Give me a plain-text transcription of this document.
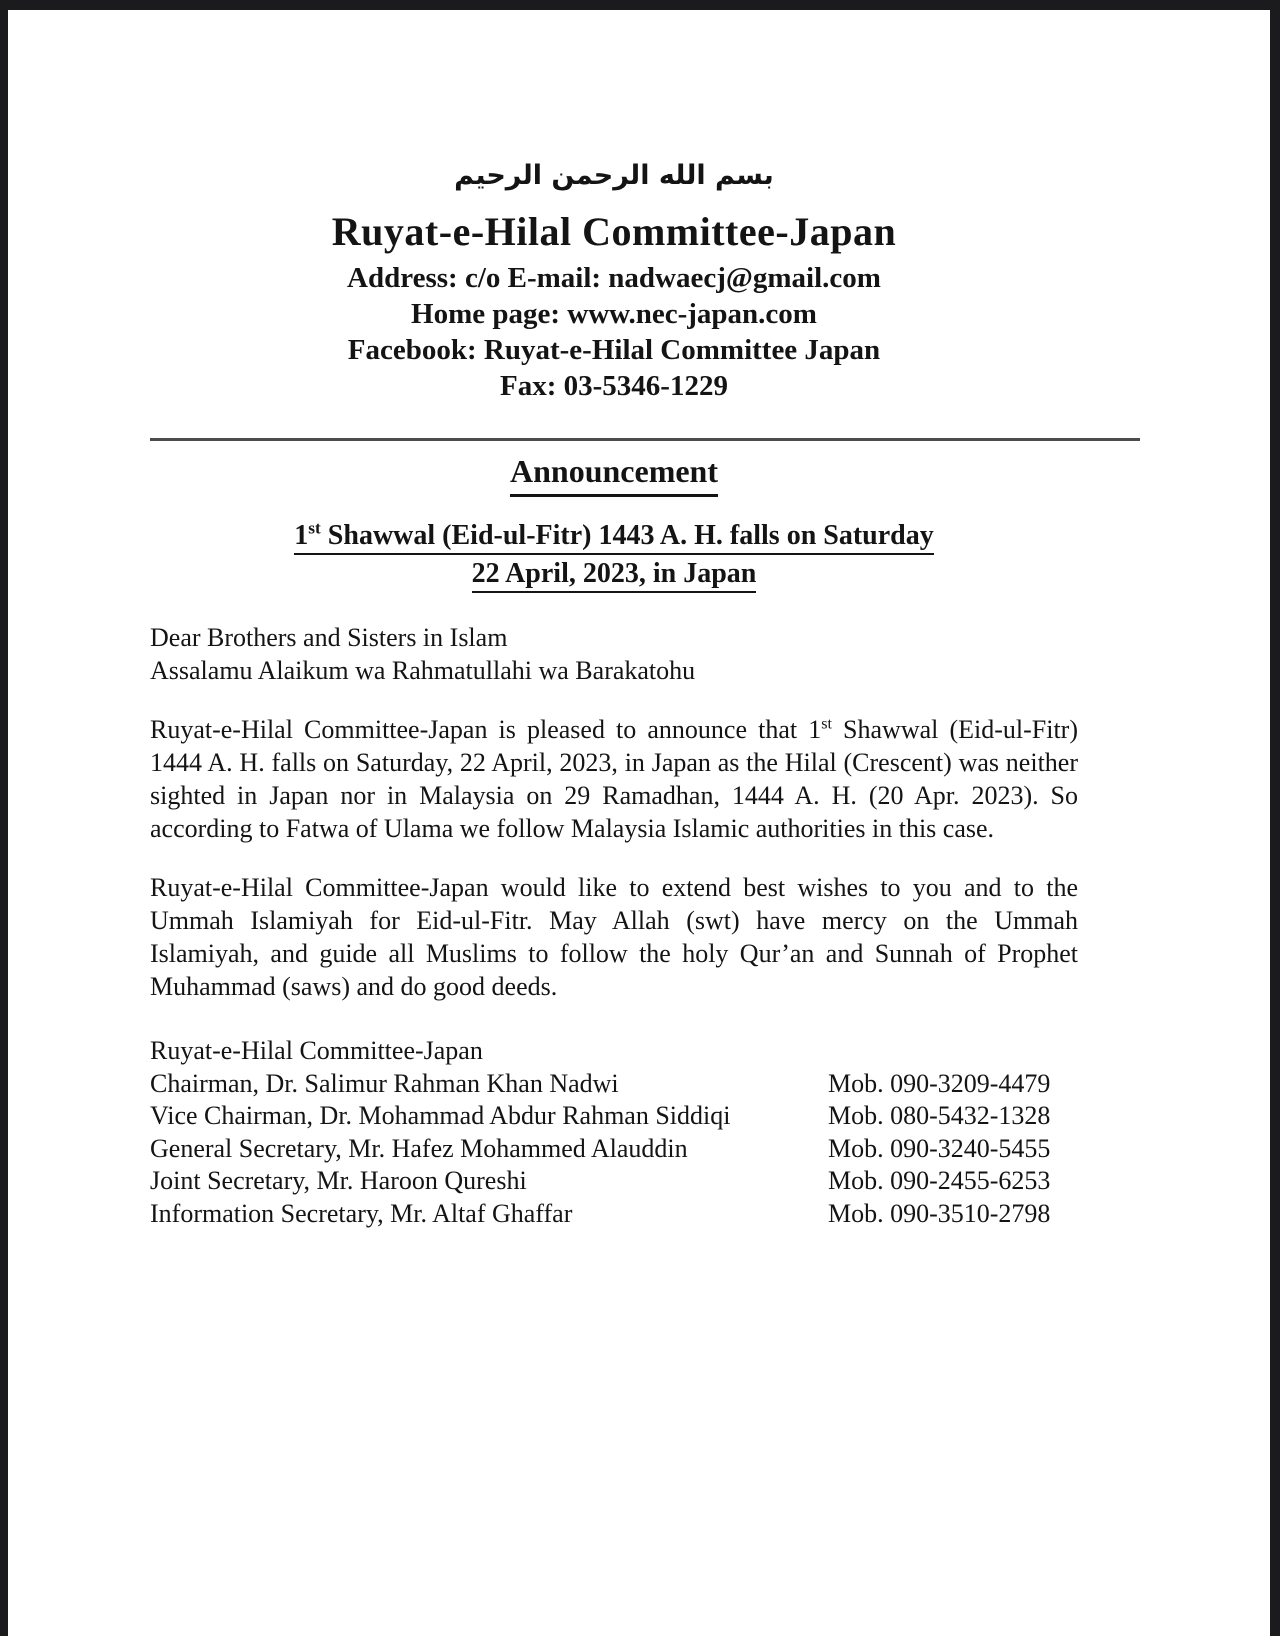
بسم الله الرحمن الرحيم
Ruyat-e-Hilal Committee-Japan
Address: c/o E-mail: nadwaecj@gmail.com
Home page: www.nec-japan.com
Facebook: Ruyat-e-Hilal Committee Japan
Fax: 03-5346-1229
Announcement
1st Shawwal (Eid-ul-Fitr) 1443 A. H. falls on Saturday
22 April, 2023, in Japan
Dear Brothers and Sisters in Islam
Assalamu Alaikum wa Rahmatullahi wa Barakatohu
Ruyat-e-Hilal Committee-Japan is pleased to announce that 1st Shawwal (Eid-ul-Fitr) 1444 A. H. falls on Saturday, 22 April, 2023, in Japan as the Hilal (Crescent) was neither sighted in Japan nor in Malaysia on 29 Ramadhan, 1444 A. H. (20 Apr. 2023). So according to Fatwa of Ulama we follow Malaysia Islamic authorities in this case.
Ruyat-e-Hilal Committee-Japan would like to extend best wishes to you and to the Ummah Islamiyah for Eid-ul-Fitr. May Allah (swt) have mercy on the Ummah Islamiyah, and guide all Muslims to follow the holy Qur’an and Sunnah of Prophet Muhammad (saws) and do good deeds.
Ruyat-e-Hilal Committee-Japan
Chairman, Dr. Salimur Rahman Khan Nadwi	Mob. 090-3209-4479
Vice Chairman, Dr. Mohammad Abdur Rahman Siddiqi	Mob. 080-5432-1328
General Secretary, Mr. Hafez Mohammed Alauddin	Mob. 090-3240-5455
Joint Secretary, Mr. Haroon Qureshi	Mob. 090-2455-6253
Information Secretary, Mr. Altaf Ghaffar	Mob. 090-3510-2798
